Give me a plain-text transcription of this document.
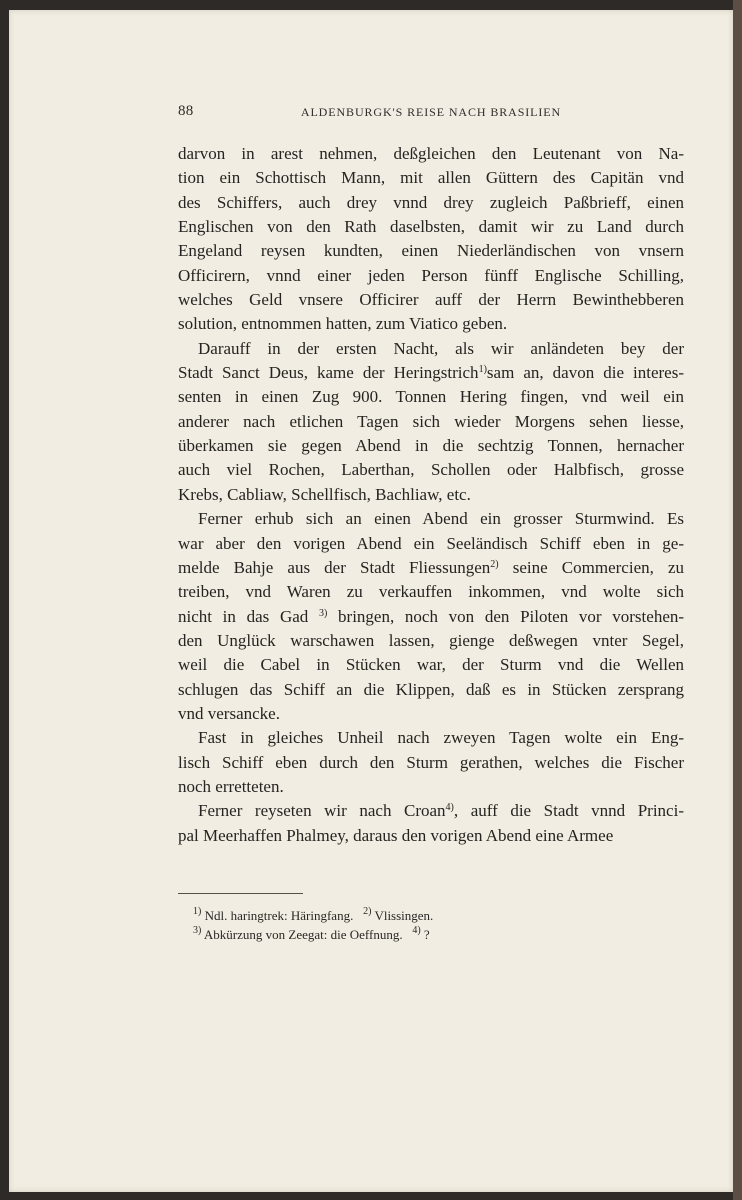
88	ALDENBURGK'S REISE NACH BRASILIEN

darvon in arest nehmen, deßgleichen den Leutenant von Na-
tion ein Schottisch Mann, mit allen Güttern des Capitän vnd
des Schiffers, auch drey vnnd drey zugleich Paßbrieff, einen
Englischen von den Rath daselbsten, damit wir zu Land durch
Engeland reysen kundten, einen Niederländischen von vnsern
Officirern, vnnd einer jeden Person fünff Englische Schilling,
welches Geld vnsere Officirer auff der Herrn Bewinthebberen
solution, entnommen hatten, zum Viatico geben.

Darauff in der ersten Nacht, als wir anländeten bey der
Stadt Sanct Deus, kame der Heringstrich$^{1)}$sam an, davon die interes-
senten in einen Zug 900. Tonnen Hering fingen, vnd weil ein
anderer nach etlichen Tagen sich wieder Morgens sehen liesse,
überkamen sie gegen Abend in die sechtzig Tonnen, hernacher
auch viel Rochen, Laberthan, Schollen oder Halbfisch, grosse
Krebs, Cabliaw, Schellfisch, Bachliaw, etc.

Ferner erhub sich an einen Abend ein grosser Sturmwind. Es
war aber den vorigen Abend ein Seeländisch Schiff eben in ge-
melde Bahje aus der Stadt Fliessungen$^{2)}$ seine Commercien, zu
treiben, vnd Waren zu verkauffen inkommen, vnd wolte sich
nicht in das Gad $^{3)}$ bringen, noch von den Piloten vor vorstehen-
den Unglück warschawen lassen, gienge deßwegen vnter Segel,
weil die Cabel in Stücken war, der Sturm vnd die Wellen
schlugen das Schiff an die Klippen, daß es in Stücken zersprang
vnd versancke.

Fast in gleiches Unheil nach zweyen Tagen wolte ein Eng-
lisch Schiff eben durch den Sturm gerathen, welches die Fischer
noch erretteten.

Ferner reyseten wir nach Croan$^{4)}$, auff die Stadt vnnd Princi-
pal Meerhaffen Phalmey, daraus den vorigen Abend eine Armee

$^{1)}$ Ndl. haringtrek: Häringfang. $^{2)}$ Vlissingen.
$^{3)}$ Abkürzung von Zeegat: die Oeffnung. $^{4)}$ ?
